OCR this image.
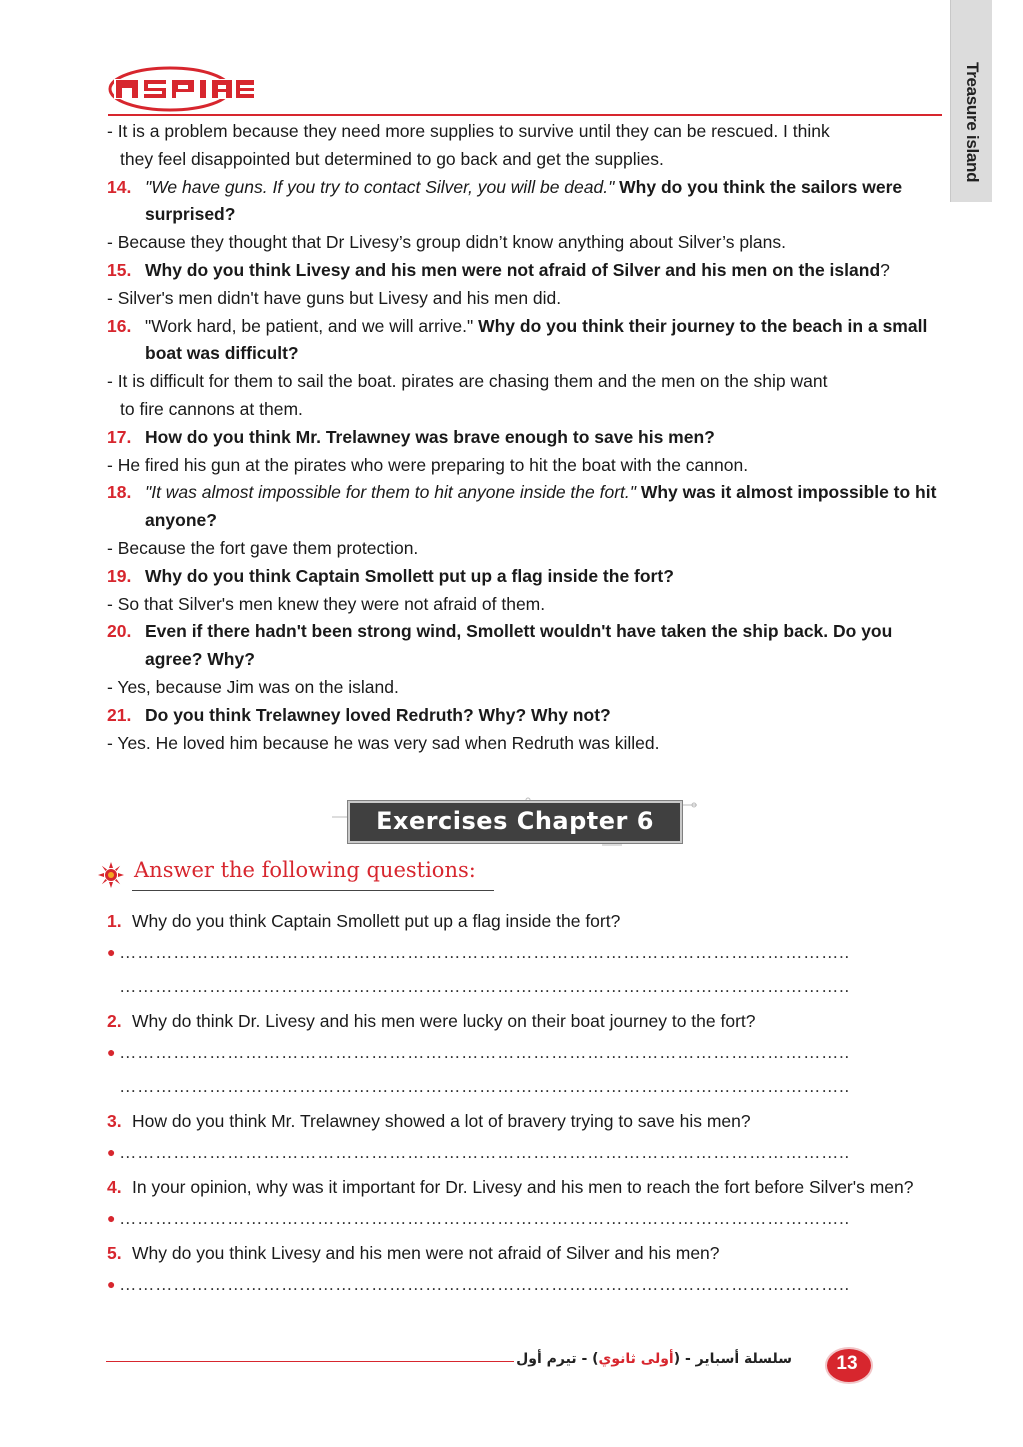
Treasure island
- It is a problem because they need more supplies to survive until they can be rescued. I think
they feel disappointed but determined to go back and get the supplies.
14. "We have guns. If you try to contact Silver, you will be dead." Why do you think the sailors were surprised?
- Because they thought that Dr Livesy’s group didn’t know anything about Silver’s plans.
15. Why do you think Livesy and his men were not afraid of Silver and his men on the island?
- Silver's men didn't have guns but Livesy and his men did.
16. "Work hard, be patient, and we will arrive." Why do you think their journey to the beach in a small boat was difficult?
- It is difficult for them to sail the boat. pirates are chasing them and the men on the ship want
to fire cannons at them.
17. How do you think Mr. Trelawney was brave enough to save his men?
- He fired his gun at the pirates who were preparing to hit the boat with the cannon.
18. "It was almost impossible for them to hit anyone inside the fort." Why was it almost impossible to hit anyone?
- Because the fort gave them protection.
19. Why do you think Captain Smollett put up a flag inside the fort?
- So that Silver's men knew they were not afraid of them.
20. Even if there hadn't been strong wind, Smollett wouldn't have taken the ship back. Do you agree? Why?
- Yes, because Jim was on the island.
21. Do you think Trelawney loved Redruth? Why? Why not?
- Yes. He loved him because he was very sad when Redruth was killed.
Exercises Chapter 6
Answer the following questions:
1. Why do you think Captain Smollett put up a flag inside the fort?
● …………………………………………………………………………………………………………..
…………………………………………………………………………………………………………..
2. Why do think Dr. Livesy and his men were lucky on their boat journey to the fort?
● …………………………………………………………………………………………………………..
…………………………………………………………………………………………………………..
3. How do you think Mr. Trelawney showed a lot of bravery trying to save his men?
● …………………………………………………………………………………………………………..
4. In your opinion, why was it important for Dr. Livesy and his men to reach the fort before Silver's men?
● …………………………………………………………………………………………………………..
5. Why do you think Livesy and his men were not afraid of Silver and his men?
● …………………………………………………………………………………………………………..
سلسلة أسباير - (أولى ثانوي) - تيرم أول	13
